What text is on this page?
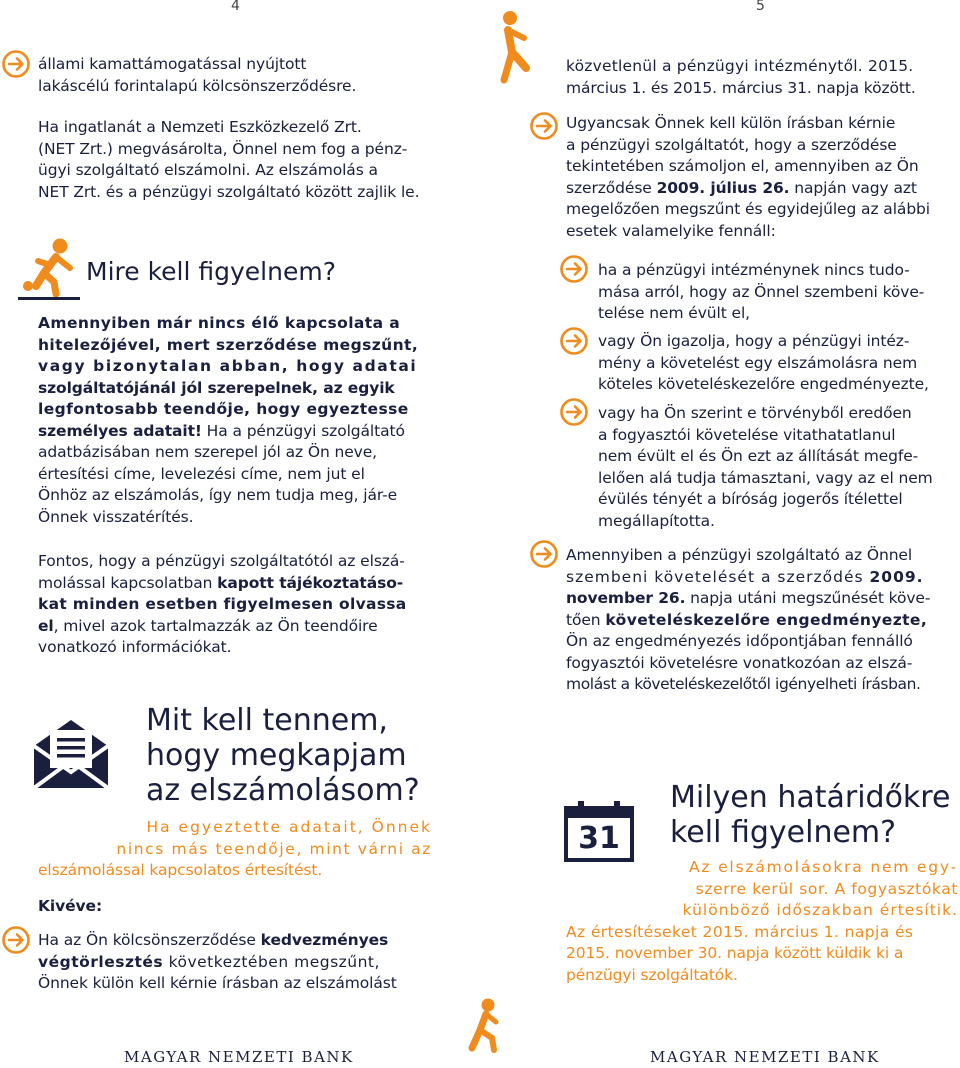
4	5
állami kamattámogatással nyújtott
lakáscélú forintalapú kölcsönszerződésre.
Ha ingatlanát a Nemzeti Eszközkezelő Zrt.
(NET Zrt.) megvásárolta, Önnel nem fog a pénz-
ügyi szolgáltató elszámolni. Az elszámolás a
NET Zrt. és a pénzügyi szolgáltató között zajlik le.
Mire kell figyelnem?
Amennyiben már nincs élő kapcsolata a
hitelezőjével, mert szerződése megszűnt,
vagy bizonytalan abban, hogy adatai
szolgáltatójánál jól szerepelnek, az egyik
legfontosabb teendője, hogy egyeztesse
személyes adatait! Ha a pénzügyi szolgáltató
adatbázisában nem szerepel jól az Ön neve,
értesítési címe, levelezési címe, nem jut el
Önhöz az elszámolás, így nem tudja meg, jár-e
Önnek visszatérítés.
Fontos, hogy a pénzügyi szolgáltatótól az elszá-
molással kapcsolatban kapott tájékoztatáso-
kat minden esetben figyelmesen olvassa
el, mivel azok tartalmazzák az Ön teendőire
vonatkozó információkat.
Mit kell tennem,
hogy megkapjam
az elszámolásom?
Ha egyeztette adatait, Önnek
nincs más teendője, mint várni az
elszámolással kapcsolatos értesítést.
Kivéve:
Ha az Ön kölcsönszerződése kedvezményes
végtörlesztés következtében megszűnt,
Önnek külön kell kérnie írásban az elszámolást
közvetlenül a pénzügyi intézménytől. 2015.
március 1. és 2015. március 31. napja között.
Ugyancsak Önnek kell külön írásban kérnie
a pénzügyi szolgáltatót, hogy a szerződése
tekintetében számoljon el, amennyiben az Ön
szerződése 2009. július 26. napján vagy azt
megelőzően megszűnt és egyidejűleg az alábbi
esetek valamelyike fennáll:
ha a pénzügyi intézménynek nincs tudo-
mása arról, hogy az Önnel szembeni köve-
telése nem évült el,
vagy Ön igazolja, hogy a pénzügyi intéz-
mény a követelést egy elszámolásra nem
köteles követeléskezelőre engedményezte,
vagy ha Ön szerint e törvényből eredően
a fogyasztói követelése vitathatatlanul
nem évült el és Ön ezt az állítását megfe-
lelően alá tudja támasztani, vagy az el nem
évülés tényét a bíróság jogerős ítélettel
megállapította.
Amennyiben a pénzügyi szolgáltató az Önnel
szembeni követelését a szerződés 2009.
november 26. napja utáni megszűnését köve-
tően követeléskezelőre engedményezte,
Ön az engedményezés időpontjában fennálló
fogyasztói követelésre vonatkozóan az elszá-
molást a követeléskezelőtől igényelheti írásban.
31
Milyen határidőkre
kell figyelnem?
Az elszámolásokra nem egy-
szerre kerül sor. A fogyasztókat
különböző időszakban értesítik.
Az értesítéseket 2015. március 1. napja és
2015. november 30. napja között küldik ki a
pénzügyi szolgáltatók.
MAGYAR NEMZETI BANK	MAGYAR NEMZETI BANK
